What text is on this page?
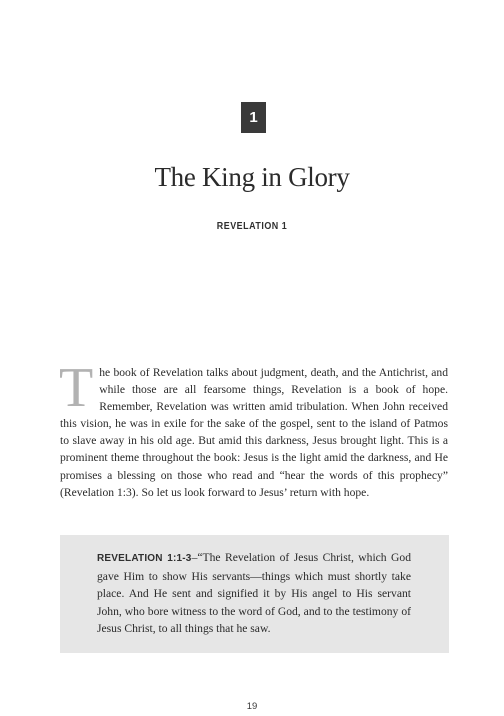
1
The King in Glory
REVELATION 1
The book of Revelation talks about judgment, death, and the Antichrist, and while those are all fearsome things, Revelation is a book of hope. Remember, Revelation was written amid tribulation. When John received this vision, he was in exile for the sake of the gospel, sent to the island of Patmos to slave away in his old age. But amid this darkness, Jesus brought light. This is a prominent theme throughout the book: Jesus is the light amid the darkness, and He promises a blessing on those who read and “hear the words of this prophecy” (Revelation 1:3). So let us look forward to Jesus’ return with hope.
REVELATION 1:1-3–“The Revelation of Jesus Christ, which God gave Him to show His servants—things which must shortly take place. And He sent and signified it by His angel to His servant John, who bore witness to the word of God, and to the testimony of Jesus Christ, to all things that he saw.
19
